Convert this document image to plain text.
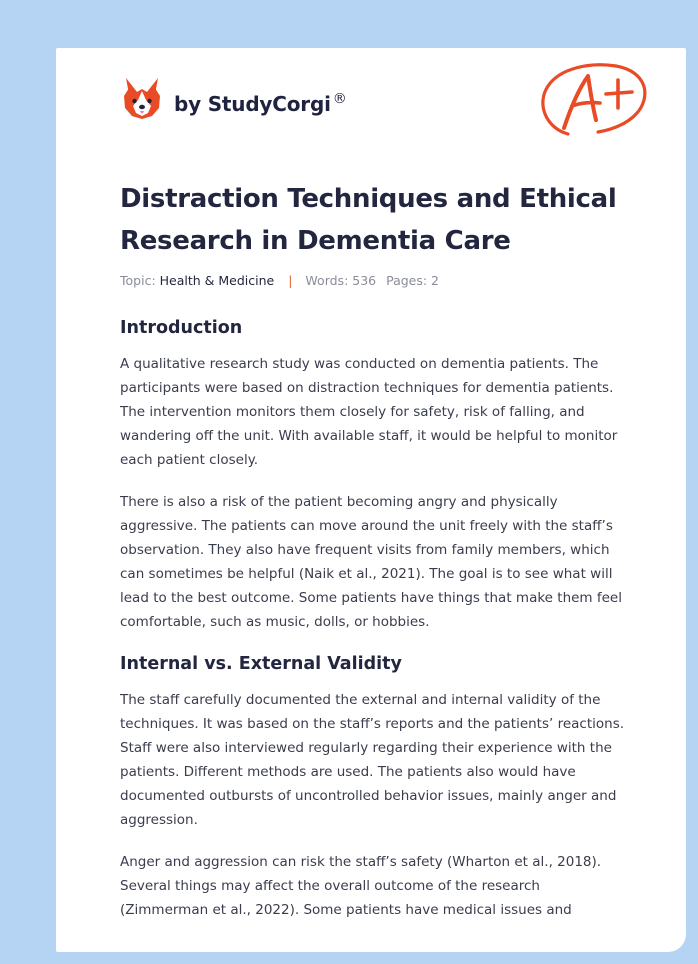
by StudyCorgi ®
Distraction Techniques and Ethical Research in Dementia Care
Topic: Health & Medicine | Words: 536 Pages: 2
Introduction

A qualitative research study was conducted on dementia patients. The participants were based on distraction techniques for dementia patients. The intervention monitors them closely for safety, risk of falling, and wandering off the unit. With available staff, it would be helpful to monitor each patient closely.

There is also a risk of the patient becoming angry and physically aggressive. The patients can move around the unit freely with the staff’s observation. They also have frequent visits from family members, which can sometimes be helpful (Naik et al., 2021). The goal is to see what will lead to the best outcome. Some patients have things that make them feel comfortable, such as music, dolls, or hobbies.

Internal vs. External Validity

The staff carefully documented the external and internal validity of the techniques. It was based on the staff’s reports and the patients’ reactions. Staff were also interviewed regularly regarding their experience with the patients. Different methods are used. The patients also would have documented outbursts of uncontrolled behavior issues, mainly anger and aggression.

Anger and aggression can risk the staff’s safety (Wharton et al., 2018). Several things may affect the overall outcome of the research (Zimmerman et al., 2022). Some patients have medical issues and
